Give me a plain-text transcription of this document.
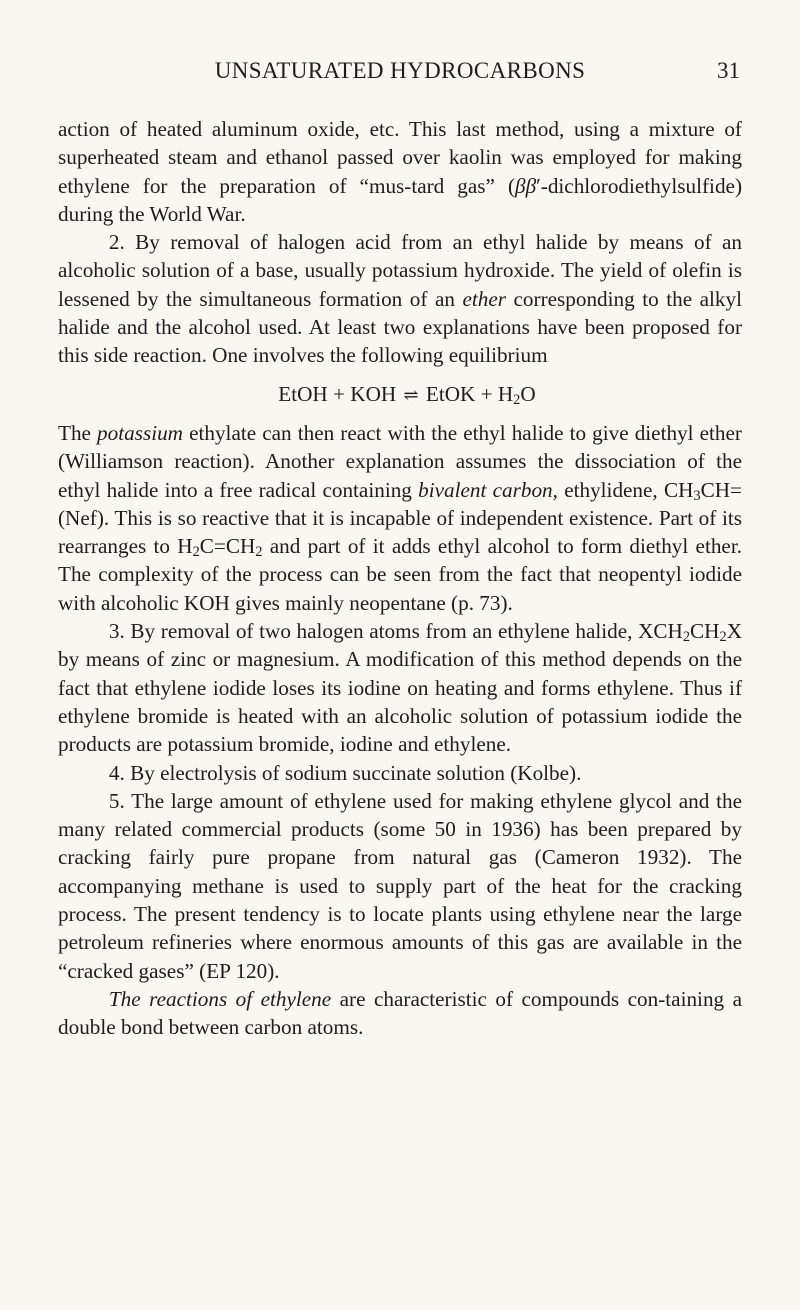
UNSATURATED HYDROCARBONS	31

action of heated aluminum oxide, etc. This last method, using a mixture of superheated steam and ethanol passed over kaolin was employed for making ethylene for the preparation of “mus-tard gas” (ββ′-dichlorodiethylsulfide) during the World War.

2. By removal of halogen acid from an ethyl halide by means of an alcoholic solution of a base, usually potassium hydroxide. The yield of olefin is lessened by the simultaneous formation of an ether corresponding to the alkyl halide and the alcohol used. At least two explanations have been proposed for this side reaction. One involves the following equilibrium

EtOH + KOH ⇌ EtOK + $H_2O$

The potassium ethylate can then react with the ethyl halide to give diethyl ether (Williamson reaction). Another explanation assumes the dissociation of the ethyl halide into a free radical containing bivalent carbon, ethylidene, $CH_3CH= (Nef)$. This is so reactive that it is incapable of independent existence. Part of its rearranges to $H_2C=CH_2$ and part of it adds ethyl alcohol to form diethyl ether. The complexity of the process can be seen from the fact that neopentyl iodide with alcoholic KOH gives mainly neopentane (p. 73).

3. By removal of two halogen atoms from an ethylene halide, $XCH_2CH_2X$ by means of zinc or magnesium. A modification of this method depends on the fact that ethylene iodide loses its iodine on heating and forms ethylene. Thus if ethylene bromide is heated with an alcoholic solution of potassium iodide the products are potassium bromide, iodine and ethylene.

4. By electrolysis of sodium succinate solution (Kolbe).

5. The large amount of ethylene used for making ethylene glycol and the many related commercial products (some 50 in 1936) has been prepared by cracking fairly pure propane from natural gas (Cameron 1932). The accompanying methane is used to supply part of the heat for the cracking process. The present tendency is to locate plants using ethylene near the large petroleum refineries where enormous amounts of this gas are available in the “cracked gases” (EP 120).

The reactions of ethylene are characteristic of compounds con-taining a double bond between carbon atoms.
